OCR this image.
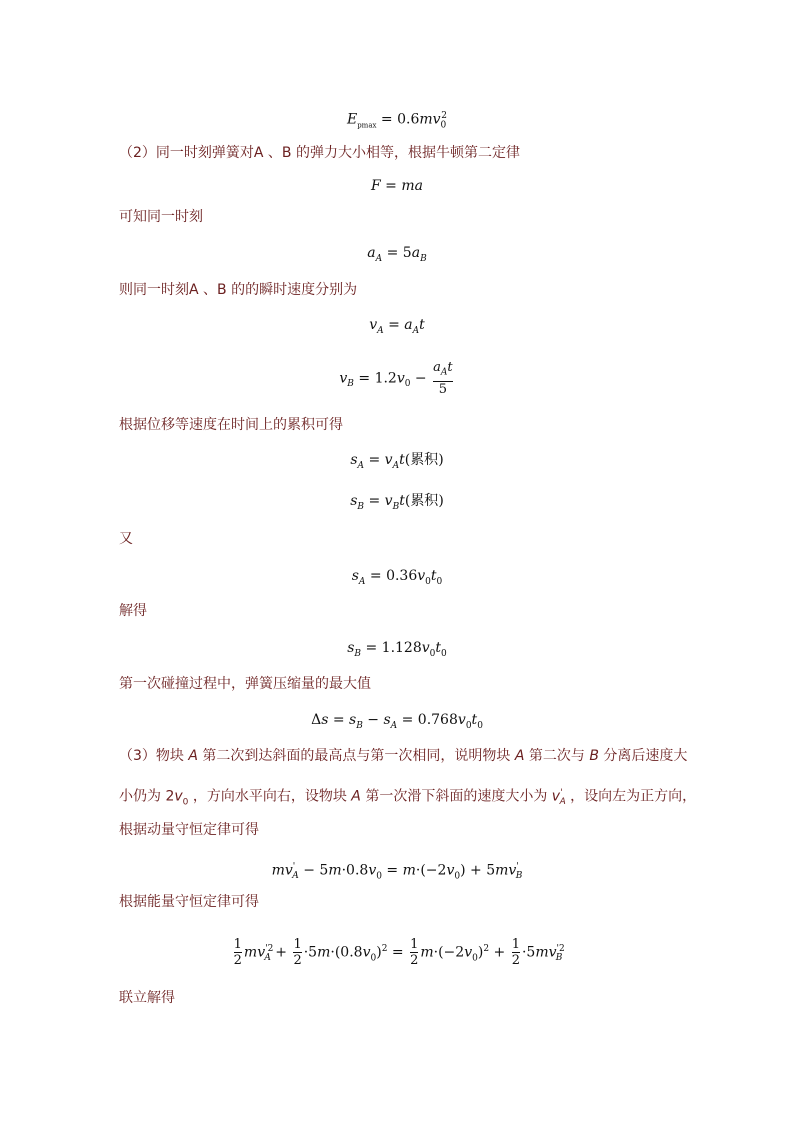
$E_{pmax} = 0.6mv_0^2$
（2）同一时刻弹簧对A 、B 的弹力大小相等，根据牛顿第二定律
F = ma
可知同一时刻
$a_A = 5a_B$
则同一时刻A 、B 的的瞬时速度分别为
$v_A = a_At$
$v_B = 1.2v_0 - \frac{a_At}{5}$
根据位移等速度在时间上的累积可得
$s_A = v_At$(累积)
$s_B = v_Bt$(累积)
又
$s_A = 0.36v_0t_0$
解得
$s_B = 1.128v_0t_0$
第一次碰撞过程中，弹簧压缩量的最大值
$\Delta s = s_B - s_A = 0.768v_0t_0$
（3）物块 A 第二次到达斜面的最高点与第一次相同，说明物块 A 第二次与 B 分离后速度大
小仍为 $2v_0$ ，方向水平向右，设物块 A 第一次滑下斜面的速度大小为 $v'_A$ ，设向左为正方向，
根据动量守恒定律可得
$mv'_A - 5m\cdot 0.8v_0 = m\cdot(-2v_0) + 5mv'_B$
根据能量守恒定律可得
$\frac{1}{2} mv^{'2}_A + \frac{1}{2} \cdot 5m\cdot(0.8v_0)^2 = \frac{1}{2} m\cdot(-2v_0)^2 + \frac{1}{2} \cdot 5mv^{'2}_B$
联立解得
